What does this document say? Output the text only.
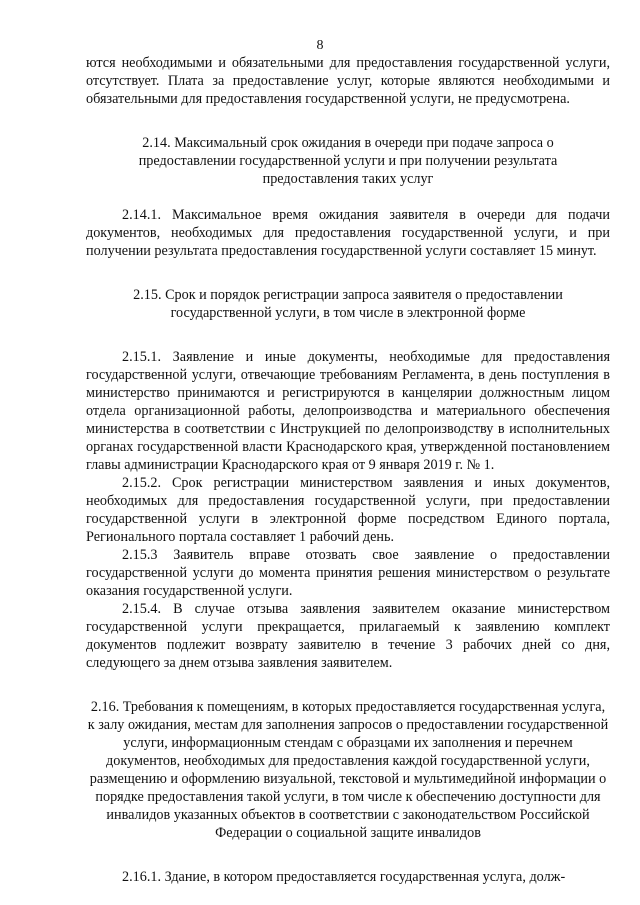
8

ются необходимыми и обязательными для предоставления государственной услуги, отсутствует. Плата за предоставление услуг, которые являются необходимыми и обязательными для предоставления государственной услуги, не предусмотрена.

2.14. Максимальный срок ожидания в очереди при подаче запроса о предоставлении государственной услуги и при получении результата предоставления таких услуг

2.14.1. Максимальное время ожидания заявителя в очереди для подачи документов, необходимых для предоставления государственной услуги, и при получении результата предоставления государственной услуги составляет 15 минут.

2.15. Срок и порядок регистрации запроса заявителя о предоставлении государственной услуги, в том числе в электронной форме

2.15.1. Заявление и иные документы, необходимые для предоставления государственной услуги, отвечающие требованиям Регламента, в день поступления в министерство принимаются и регистрируются в канцелярии должностным лицом отдела организационной работы, делопроизводства и материального обеспечения министерства в соответствии с Инструкцией по делопроизводству в исполнительных органах государственной власти Краснодарского края, утвержденной постановлением главы администрации Краснодарского края от 9 января 2019 г. № 1.

2.15.2. Срок регистрации министерством заявления и иных документов, необходимых для предоставления государственной услуги, при предоставлении государственной услуги в электронной форме посредством Единого портала, Регионального портала составляет 1 рабочий день.

2.15.3 Заявитель вправе отозвать свое заявление о предоставлении государственной услуги до момента принятия решения министерством о результате оказания государственной услуги.

2.15.4. В случае отзыва заявления заявителем оказание министерством государственной услуги прекращается, прилагаемый к заявлению комплект документов подлежит возврату заявителю в течение 3 рабочих дней со дня, следующего за днем отзыва заявления заявителем.

2.16. Требования к помещениям, в которых предоставляется государственная услуга, к залу ожидания, местам для заполнения запросов о предоставлении государственной услуги, информационным стендам с образцами их заполнения и перечнем документов, необходимых для предоставления каждой государственной услуги, размещению и оформлению визуальной, текстовой и мультимедийной информации о порядке предоставления такой услуги, в том числе к обеспечению доступности для инвалидов указанных объектов в соответствии с законодательством Российской Федерации о социальной защите инвалидов

2.16.1. Здание, в котором предоставляется государственная услуга, долж-
